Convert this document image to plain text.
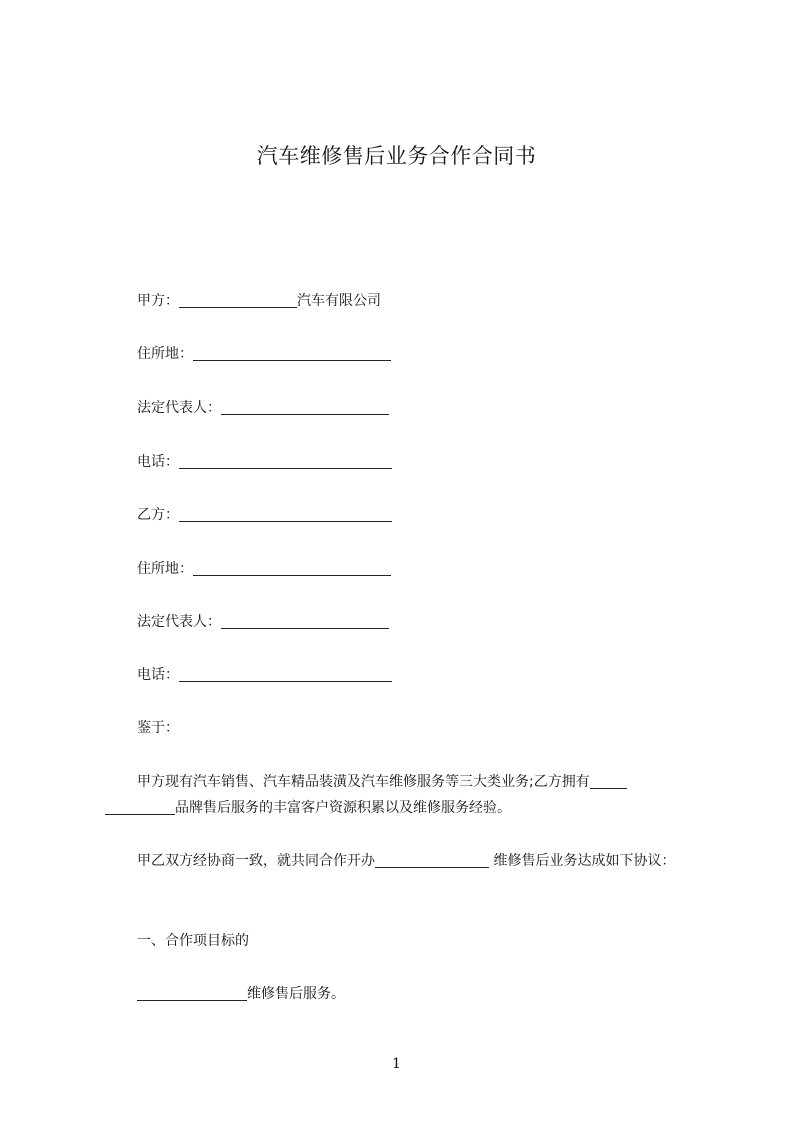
汽车维修售后业务合作合同书
甲方：	汽车有限公司
住所地：
法定代表人：
电话：
乙方：
住所地：
法定代表人：
电话：
鉴于：
甲方现有汽车销售、汽车精品装潢及汽车维修服务等三大类业务;乙方拥有
品牌售后服务的丰富客户资源积累以及维修服务经验。
甲乙双方经协商一致，就共同合作开办	维修售后业务达成如下协议：
一、合作项目标的
维修售后服务。
1
